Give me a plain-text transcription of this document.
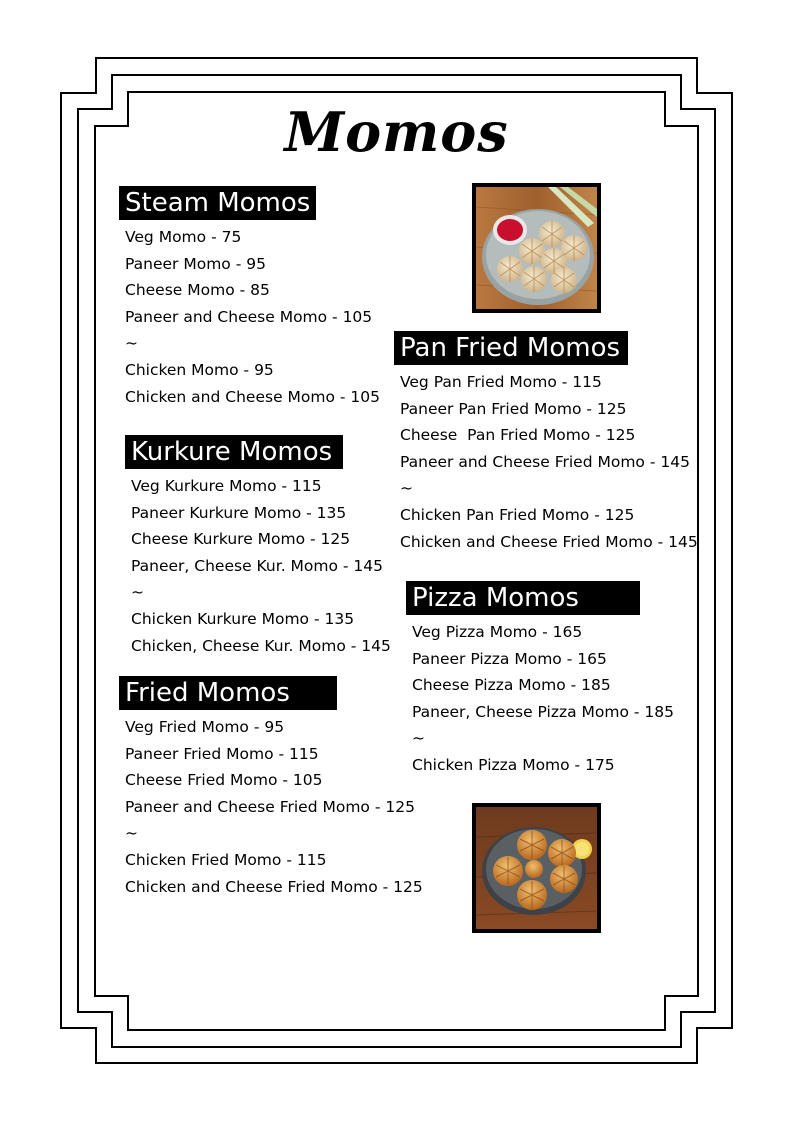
Momos
Steam Momos
Veg Momo - 75
Paneer Momo - 95
Cheese Momo - 85
Paneer and Cheese Momo - 105
~
Chicken Momo - 95
Chicken and Cheese Momo - 105
Kurkure Momos
Veg Kurkure Momo - 115
Paneer Kurkure Momo - 135
Cheese Kurkure Momo - 125
Paneer, Cheese Kur. Momo - 145
~
Chicken Kurkure Momo - 135
Chicken, Cheese Kur. Momo - 145
Fried Momos
Veg Fried Momo - 95
Paneer Fried Momo - 115
Cheese Fried Momo - 105
Paneer and Cheese Fried Momo - 125
~
Chicken Fried Momo - 115
Chicken and Cheese Fried Momo - 125
Pan Fried Momos
Veg Pan Fried Momo - 115
Paneer Pan Fried Momo - 125
Cheese  Pan Fried Momo - 125
Paneer and Cheese Fried Momo - 145
~
Chicken Pan Fried Momo - 125
Chicken and Cheese Fried Momo - 145
Pizza Momos
Veg Pizza Momo - 165
Paneer Pizza Momo - 165
Cheese Pizza Momo - 185
Paneer, Cheese Pizza Momo - 185
~
Chicken Pizza Momo - 175
